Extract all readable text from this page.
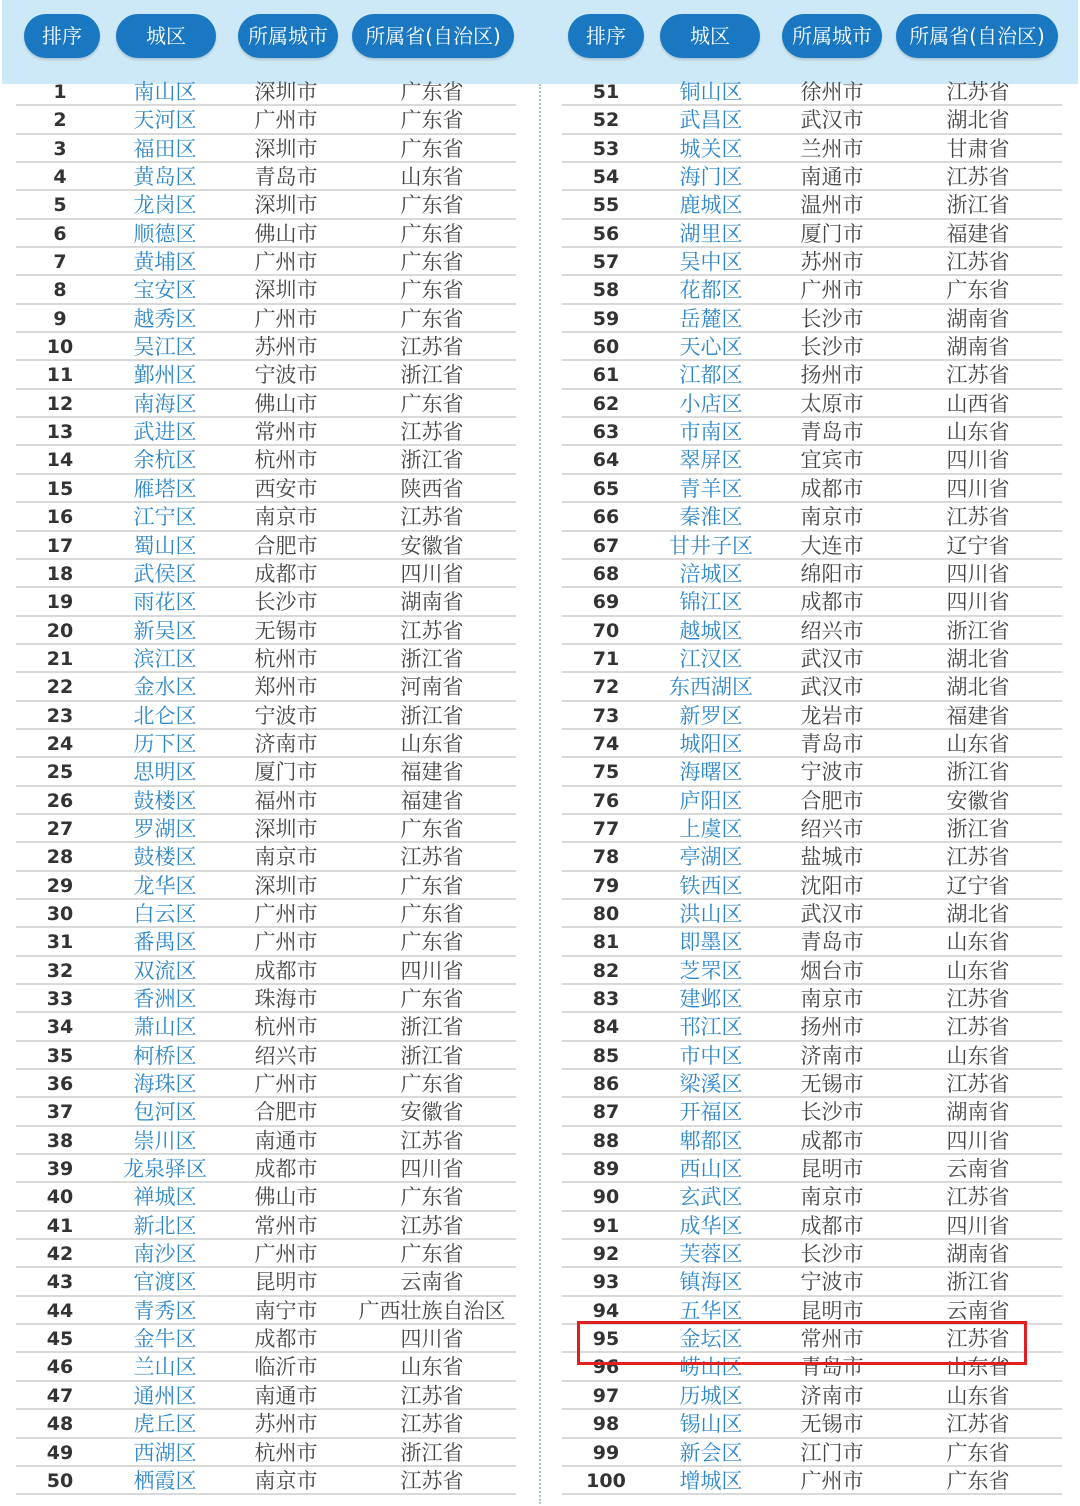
排序	城区	所属城市	所属省(自治区)	排序	城区	所属城市	所属省(自治区)
1	南山区	深圳市	广东省
2	天河区	广州市	广东省
3	福田区	深圳市	广东省
4	黄岛区	青岛市	山东省
5	龙岗区	深圳市	广东省
6	顺德区	佛山市	广东省
7	黄埔区	广州市	广东省
8	宝安区	深圳市	广东省
9	越秀区	广州市	广东省
10	吴江区	苏州市	江苏省
11	鄞州区	宁波市	浙江省
12	南海区	佛山市	广东省
13	武进区	常州市	江苏省
14	余杭区	杭州市	浙江省
15	雁塔区	西安市	陕西省
16	江宁区	南京市	江苏省
17	蜀山区	合肥市	安徽省
18	武侯区	成都市	四川省
19	雨花区	长沙市	湖南省
20	新吴区	无锡市	江苏省
21	滨江区	杭州市	浙江省
22	金水区	郑州市	河南省
23	北仑区	宁波市	浙江省
24	历下区	济南市	山东省
25	思明区	厦门市	福建省
26	鼓楼区	福州市	福建省
27	罗湖区	深圳市	广东省
28	鼓楼区	南京市	江苏省
29	龙华区	深圳市	广东省
30	白云区	广州市	广东省
31	番禺区	广州市	广东省
32	双流区	成都市	四川省
33	香洲区	珠海市	广东省
34	萧山区	杭州市	浙江省
35	柯桥区	绍兴市	浙江省
36	海珠区	广州市	广东省
37	包河区	合肥市	安徽省
38	崇川区	南通市	江苏省
39 龙泉驿区 成都市	四川省
40	禅城区	佛山市	广东省
41	新北区	常州市	江苏省
42	南沙区	广州市	广东省
43	官渡区	昆明市	云南省
44	青秀区	南宁市 广西壮族自治区
45	金牛区	成都市	四川省
46	兰山区	临沂市	山东省
47	通州区	南通市	江苏省
48	虎丘区	苏州市	江苏省
49	西湖区	杭州市	浙江省
50	栖霞区	南京市	江苏省
51	铜山区	徐州市	江苏省
52	武昌区	武汉市	湖北省
53	城关区	兰州市	甘肃省
54	海门区	南通市	江苏省
55	鹿城区	温州市	浙江省
56	湖里区	厦门市	福建省
57	吴中区	苏州市	江苏省
58	花都区	广州市	广东省
59	岳麓区	长沙市	湖南省
60	天心区	长沙市	湖南省
61	江都区	扬州市	江苏省
62	小店区	太原市	山西省
63	市南区	青岛市	山东省
64	翠屏区	宜宾市	四川省
65	青羊区	成都市	四川省
66	秦淮区	南京市	江苏省
67 甘井子区 大连市	辽宁省
68	涪城区	绵阳市	四川省
69	锦江区	成都市	四川省
70	越城区	绍兴市	浙江省
71	江汉区	武汉市	湖北省
72 东西湖区 武汉市	湖北省
73	新罗区	龙岩市	福建省
74	城阳区	青岛市	山东省
75	海曙区	宁波市	浙江省
76	庐阳区	合肥市	安徽省
77	上虞区	绍兴市	浙江省
78	亭湖区	盐城市	江苏省
79	铁西区	沈阳市	辽宁省
80	洪山区	武汉市	湖北省
81	即墨区	青岛市	山东省
82	芝罘区	烟台市	山东省
83	建邺区	南京市	江苏省
84	邗江区	扬州市	江苏省
85	市中区	济南市	山东省
86	梁溪区	无锡市	江苏省
87	开福区	长沙市	湖南省
88	郫都区	成都市	四川省
89	西山区	昆明市	云南省
90	玄武区	南京市	江苏省
91	成华区	成都市	四川省
92	芙蓉区	长沙市	湖南省
93	镇海区	宁波市	浙江省
94	五华区	昆明市	云南省
95	金坛区	常州市	江苏省
96	崂山区	青岛市	山东省
97	历城区	济南市	山东省
98	锡山区	无锡市	江苏省
99	新会区	江门市	广东省
100	增城区	广州市	广东省
